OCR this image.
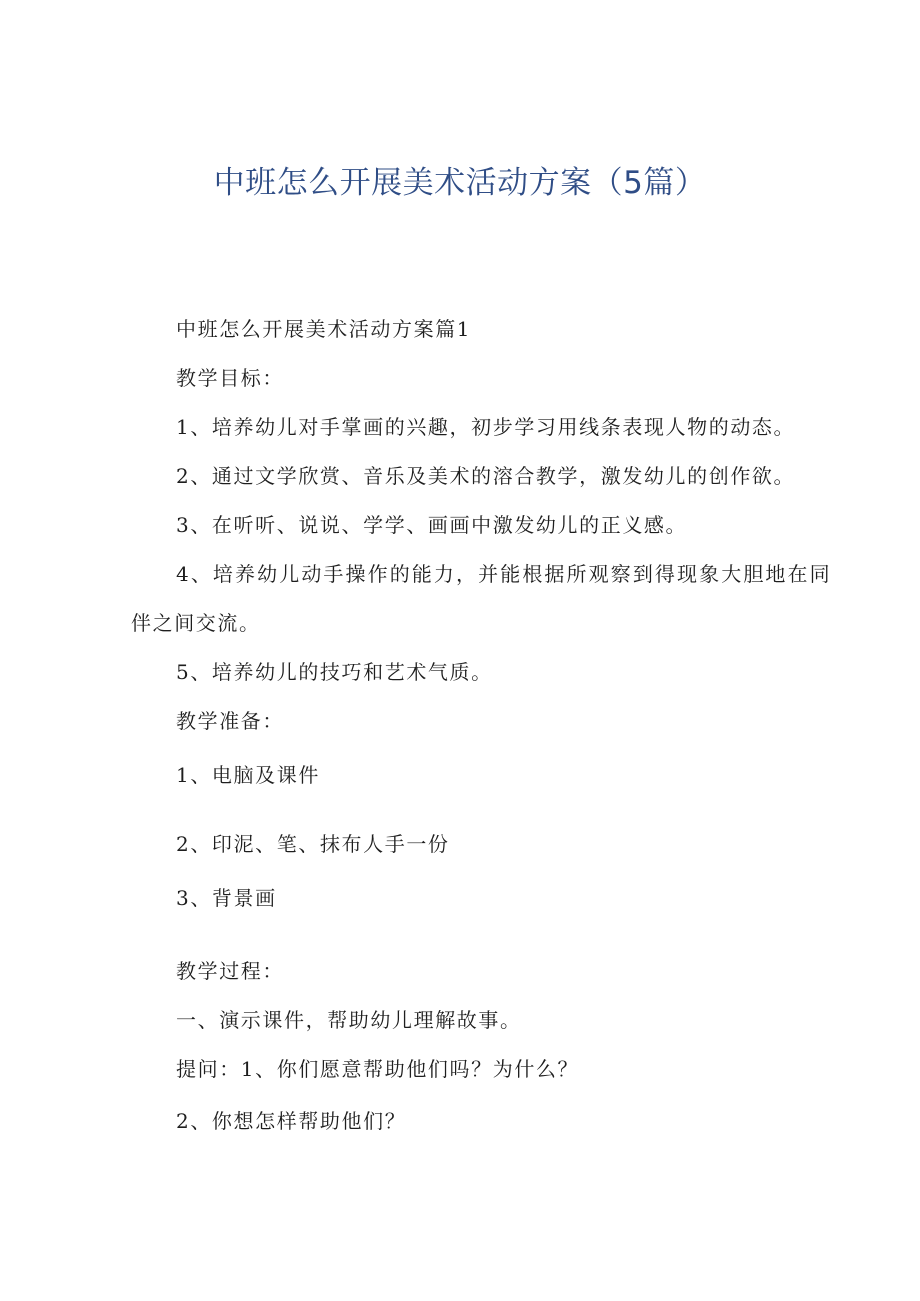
中班怎么开展美术活动方案（5篇）
中班怎么开展美术活动方案篇1
教学目标：
1、培养幼儿对手掌画的兴趣，初步学习用线条表现人物的动态。
2、通过文学欣赏、音乐及美术的溶合教学，激发幼儿的创作欲。
3、在听听、说说、学学、画画中激发幼儿的正义感。
4、培养幼儿动手操作的能力，并能根据所观察到得现象大胆地在同
伴之间交流。
5、培养幼儿的技巧和艺术气质。
教学准备：
1、电脑及课件
2、印泥、笔、抹布人手一份
3、背景画
教学过程：
一、演示课件，帮助幼儿理解故事。
提问：1、你们愿意帮助他们吗？为什么？
2、你想怎样帮助他们？
